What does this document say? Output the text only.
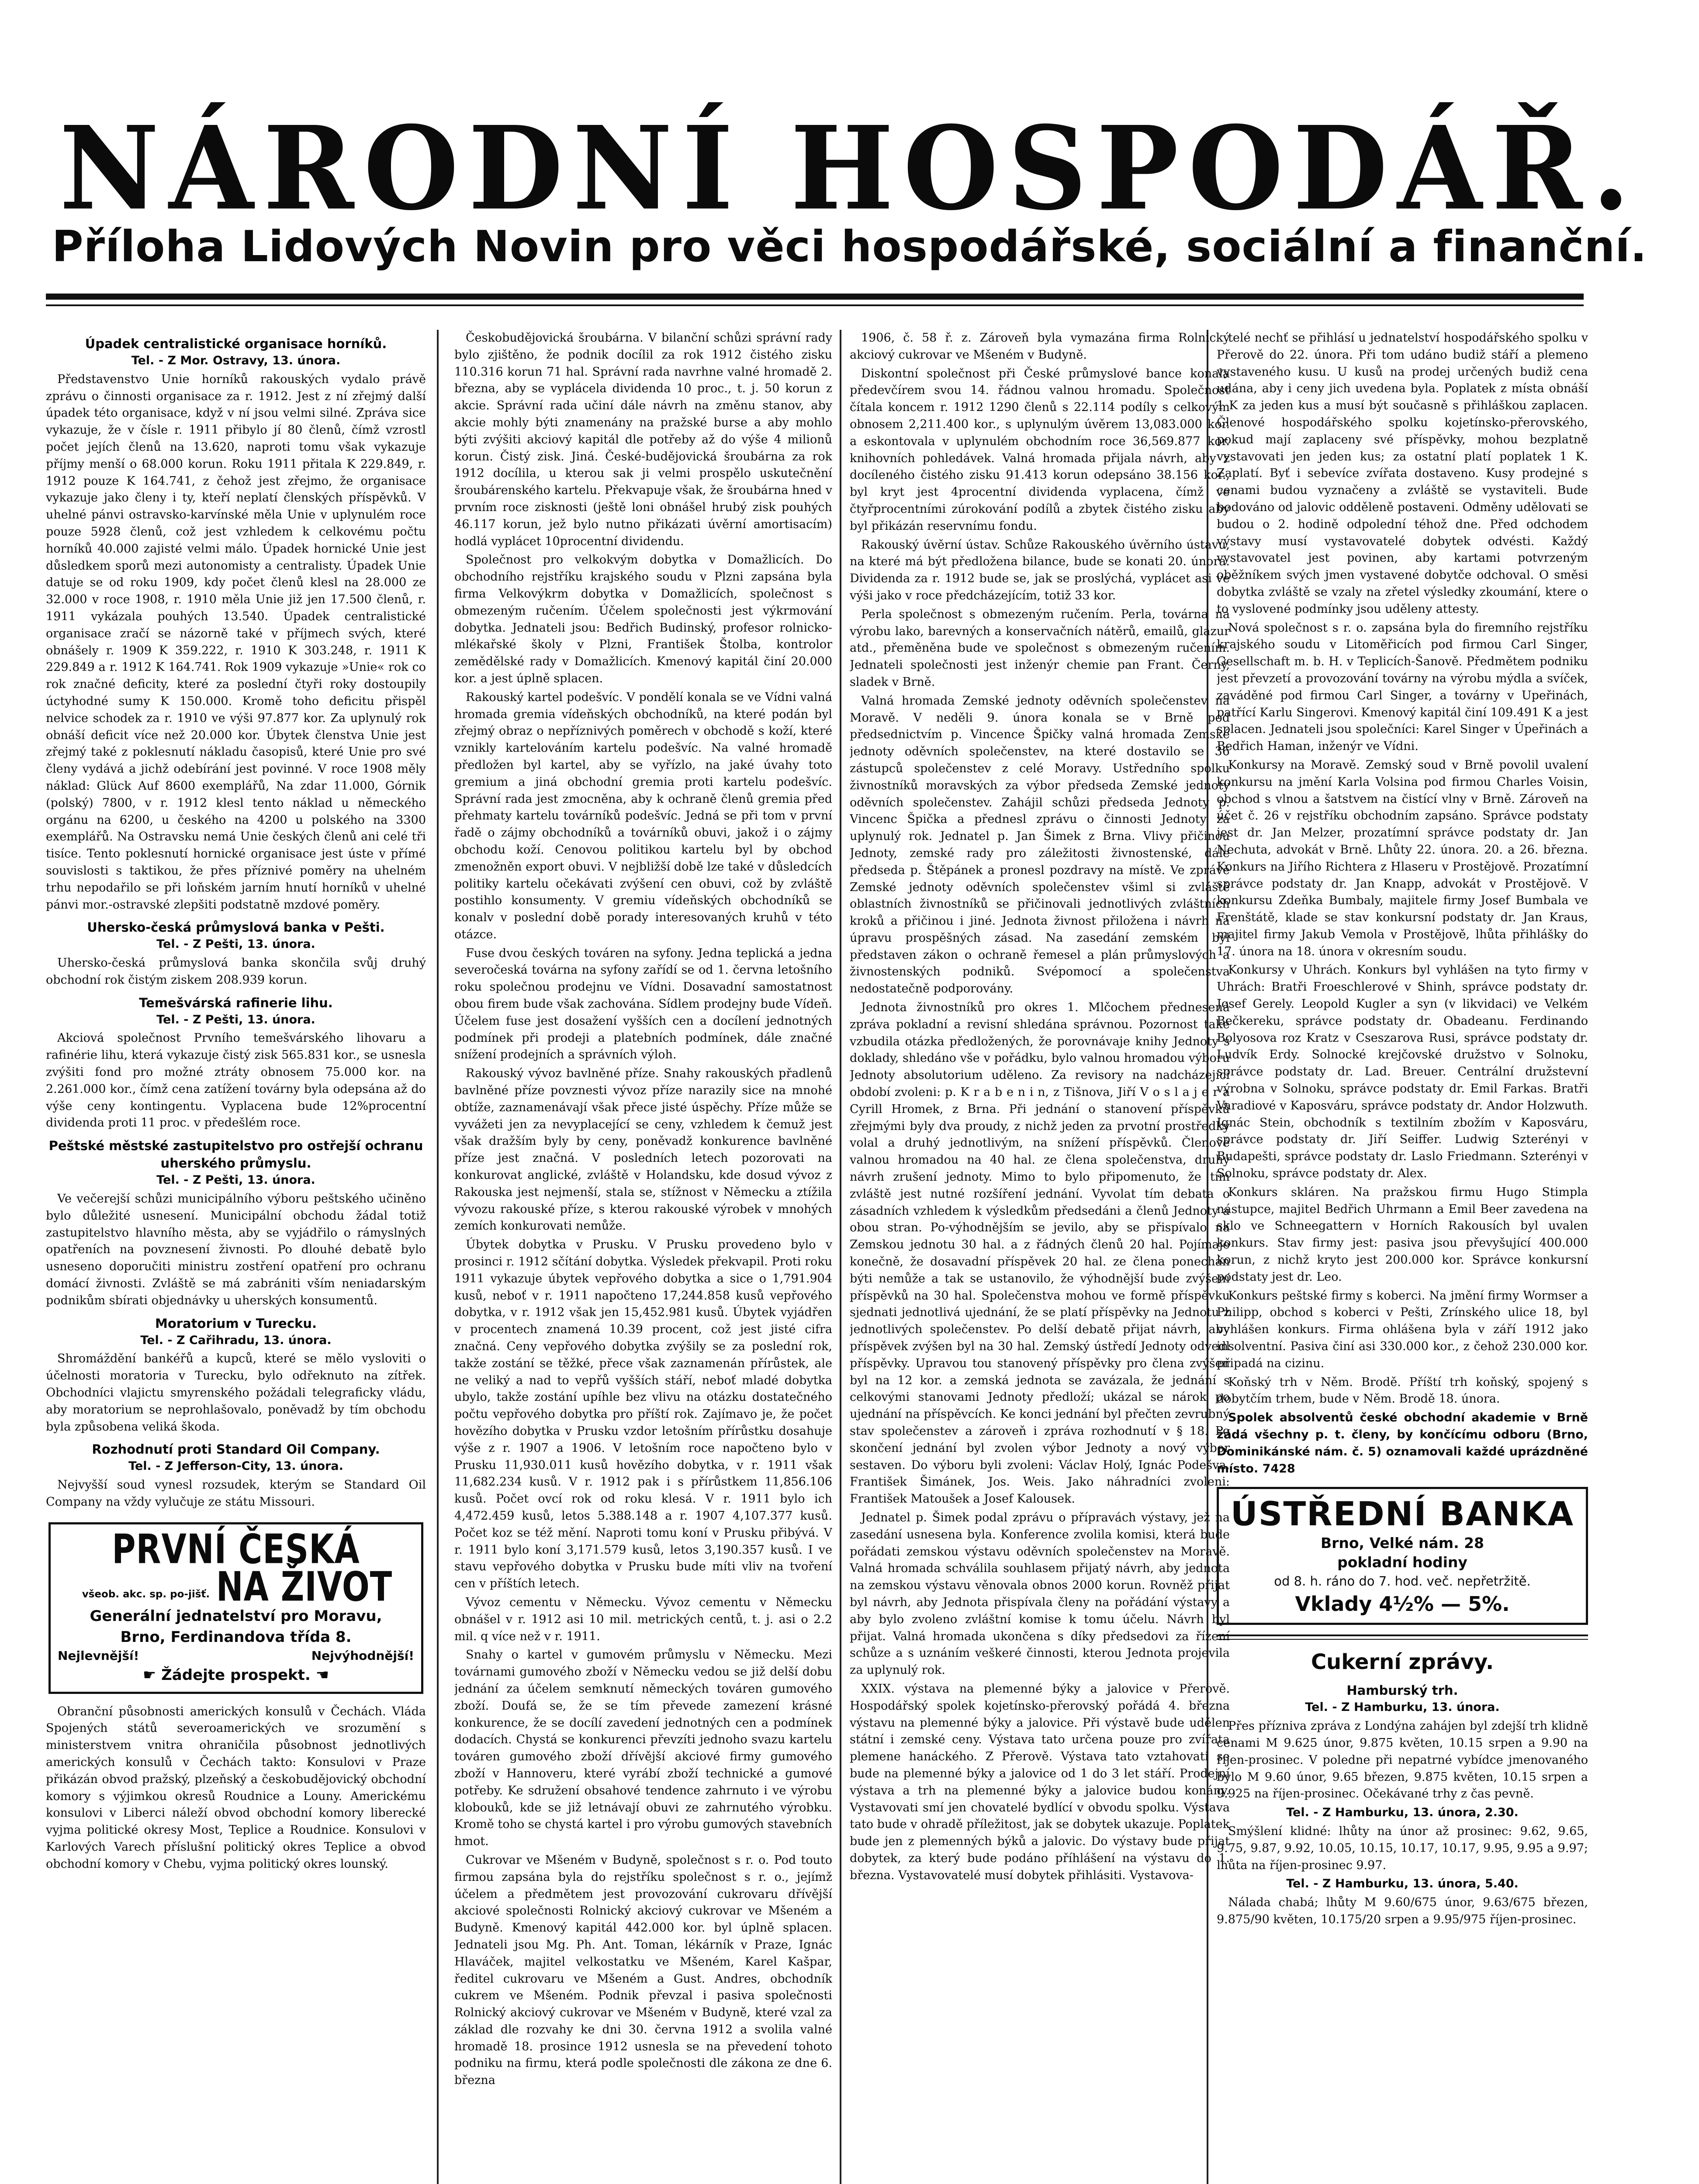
NÁRODNÍ HOSPODÁŘ.
Příloha Lidových Novin pro věci hospodářské, sociální a finanční.
Úpadek centralistické organisace horníků.
Tel. - Z Mor. Ostravy, 13. února.

Představenstvo Unie horníků rakouských vydalo právě zprávu o činnosti organisace za r. 1912. Jest z ní zřejmý další úpadek této organisace, když v ní jsou velmi silné. Zpráva sice vykazuje, že v čísle r. 1911 přibylo jí 80 členů, čímž vzrostl počet jejích členů na 13.620, naproti tomu však vykazuje příjmy menší o 68.000 korun. Roku 1911 přitala K 229.849, r. 1912 pouze K 164.741, z čehož jest zřejmo, že organisace vykazuje jako členy i ty, kteří neplatí členských příspěvků. V uhelné pánvi ostravsko-karvínské měla Unie v uplynulém roce pouze 5928 členů, což jest vzhledem k celkovému počtu horníků 40.000 zajisté velmi málo. Úpadek hornické Unie jest důsledkem sporů mezi autonomisty a centralisty. Úpadek Unie datuje se od roku 1909, kdy počet členů klesl na 28.000 ze 32.000 v roce 1908, r. 1910 měla Unie již jen 17.500 členů, r. 1911 vykázala pouhých 13.540. Úpadek centralistické organisace zračí se názorně také v příjmech svých, které obnášely r. 1909 K 359.222, r. 1910 K 303.248, r. 1911 K 229.849 a r. 1912 K 164.741. Rok 1909 vykazuje »Unie« rok co rok značné deficity, které za poslední čtyři roky dostoupily úctyhodné sumy K 150.000. Kromě toho deficitu přispěl nelvice schodek za r. 1910 ve výši 97.877 kor. Za uplynulý rok obnáší deficit více než 20.000 kor. Úbytek členstva Unie jest zřejmý také z poklesnutí nákladu časopisů, které Unie pro své členy vydává a jichž odebírání jest povinné. V roce 1908 měly náklad: Glück Auf 8600 exemplářů, Na zdar 11.000, Górnik (polský) 7800, v r. 1912 klesl tento náklad u německého orgánu na 6200, u českého na 4200 u polského na 3300 exemplářů. Na Ostravsku nemá Unie českých členů ani celé tři tisíce. Tento poklesnutí hornické organisace jest úste v přímé souvislosti s taktikou, že přes příznivé poměry na uhelném trhu nepodařilo se při loňském jarním hnutí horníků v uhelné pánvi mor.-ostravské zlepšiti podstatně mzdové poměry.

Uhersko-česká průmyslová banka v Pešti.
Tel. - Z Pešti, 13. února.

Uhersko-česká průmyslová banka skončila svůj druhý obchodní rok čistým ziskem 208.939 korun.

Temešvárská rafinerie lihu.
Tel. - Z Pešti, 13. února.

Akciová společnost Prvního temešvárského lihovaru a rafinérie lihu, která vykazuje čistý zisk 565.831 kor., se usnesla zvýšiti fond pro možné ztráty obnosem 75.000 kor. na 2.261.000 kor., čímž cena zatížení továrny byla odepsána až do výše ceny kontingentu. Vyplacena bude 12%procentní dividenda proti 11 proc. v předešlém roce.

Peštské městské zastupitelstvo pro ostřejší ochranu uherského průmyslu.
Tel. - Z Pešti, 13. února.

Ve večerejší schůzi municipálního výboru peštského učiněno bylo důležité usnesení. Municipální obchodu žádal totiž zastupitelstvo hlavního města, aby se vyjádřilo o rámyslných opatřeních na povznesení živnosti. Po dlouhé debatě bylo usneseno doporučiti ministru zostření opatření pro ochranu domácí živnosti. Zvláště se má zabrániti vším neniadarským podnikům sbírati objednávky u uherských konsumentů.

Moratorium v Turecku.
Tel. - Z Cařihradu, 13. února.

Shromáždění bankéřů a kupců, které se mělo vysloviti o účelnosti moratoria v Turecku, bylo odřeknuto na zítřek. Obchodníci vlajictu smyrenského požádali telegraficky vládu, aby moratorium se neprohlašovalo, poněvadž by tím obchodu byla způsobena veliká škoda.

Rozhodnutí proti Standard Oil Company.
Tel. - Z Jefferson-City, 13. února.

Nejvyšší soud vynesl rozsudek, kterým se Standard Oil Company na vždy vylučuje ze státu Missouri.

PRVNÍ ČESKÁ všeob. akc. sp. po-jišť. NA ŽIVOT
Generální jednatelství pro Moravu,
Brno, Ferdinandova třída 8.
Nejlevnější!	Nejvýhodnější!
☛ Žádejte prospekt. ☚

Obranční působnosti amerických konsulů v Čechách. Vláda Spojených států severoamerických ve srozumění s ministerstvem vnitra ohraničila působnost jednotlivých amerických konsulů v Čechách takto: Konsulovi v Praze přikázán obvod pražský, plzeňský a českobudějovický obchodní komory s výjimkou okresů Roudnice a Louny. Americkému konsulovi v Liberci náleží obvod obchodní komory liberecké vyjma politické okresy Most, Teplice a Roudnice. Konsulovi v Karlových Varech příslušní politický okres Teplice a obvod obchodní komory v Chebu, vyjma politický okres lounský.

Českobudějovická šroubárna. V bilanční schůzi správní rady bylo zjištěno, že podnik docílil za rok 1912 čistého zisku 110.316 korun 71 hal. Správní rada navrhne valné hromadě 2. března, aby se vyplácela dividenda 10 proc., t. j. 50 korun z akcie. Správní rada učiní dále návrh na změnu stanov, aby akcie mohly býti znamenány na pražské burse a aby mohlo býti zvýšiti akciový kapitál dle potřeby až do výše 4 milionů korun. Čistý zisk. Jiná. České-budějovická šroubárna za rok 1912 docílila, u kterou sak ji velmi prospělo uskutečnění šroubárenského kartelu. Překvapuje však, že šroubárna hned v prvním roce zisknosti (ještě loni obnášel hrubý zisk pouhých 46.117 korun, jež bylo nutno přikázati úvěrní amortisacím) hodlá vyplácet 10procentní dividendu.

Společnost pro velkokvým dobytka v Domažlicích. Do obchodního rejstříku krajského soudu v Plzni zapsána byla firma Velkovýkrm dobytka v Domažlicích, společnost s obmezeným ručením. Účelem společnosti jest výkrmování dobytka. Jednateli jsou: Bedřich Budinský, profesor rolnicko-mlékařské školy v Plzni, František Štolba, kontrolor zemědělské rady v Domažlicích. Kmenový kapitál činí 20.000 kor. a jest úplně splacen.

Rakouský kartel podešvíc. V pondělí konala se ve Vídni valná hromada gremia vídeňských obchodníků, na které podán byl zřejmý obraz o nepříznivých poměrech v obchodě s koží, které vznikly kartelováním kartelu podešvíc. Na valné hromadě předložen byl kartel, aby se vyřízlo, na jaké úvahy toto gremium a jiná obchodní gremia proti kartelu podešvíc. Správní rada jest zmocněna, aby k ochraně členů gremia před přehmaty kartelu továrníků podešvíc. Jedná se při tom v první řadě o zájmy obchodníků a továrníků obuvi, jakož i o zájmy obchodu koží. Cenovou politikou kartelu byl by obchod zmenožněn export obuvi. V nejbližší době lze také v důsledcích politiky kartelu očekávati zvýšení cen obuvi, což by zvláště postihlo konsumenty. V gremiu vídeňských obchodníků se konalv v poslední době porady interesovaných kruhů v této otázce.

Fuse dvou českých továren na syfony. Jedna teplická a jedna severočeská továrna na syfony zařídí se od 1. června letošního roku společnou prodejnu ve Vídni. Dosavadní samostatnost obou firem bude však zachována. Sídlem prodejny bude Vídeň. Účelem fuse jest dosažení vyšších cen a docílení jednotných podmínek při prodeji a platebních podmínek, dále značné snížení prodejních a správních výloh.

Rakouský vývoz bavlněné příze. Snahy rakouských přadlenů bavlněné příze povznesti vývoz příze narazily sice na mnohé obtíže, zaznamenávají však přece jisté úspěchy. Příze může se vyvážeti jen za nevyplacející se ceny, vzhledem k čemuž jest však dražším byly by ceny, poněvadž konkurence bavlněné příze jest značná. V posledních letech pozorovati na konkurovat anglické, zvláště v Holandsku, kde dosud vývoz z Rakouska jest nejmenší, stala se, stížnost v Německu a ztížila vývozu rakouské příze, s kterou rakouské výrobek v mnohých zemích konkurovati nemůže.

Úbytek dobytka v Prusku. V Prusku provedeno bylo v prosinci r. 1912 sčítání dobytka. Výsledek překvapil. Proti roku 1911 vykazuje úbytek vepřového dobytka a sice o 1,791.904 kusů, neboť v r. 1911 napočteno 17,244.858 kusů vepřového dobytka, v r. 1912 však jen 15,452.981 kusů. Úbytek vyjádřen v procentech znamená 10.39 procent, což jest jisté cifra značná. Ceny vepřového dobytka zvýšily se za poslední rok, takže zostání se těžké, přece však zaznamenán přírůstek, ale ne veliký a nad to vepřů vyšších stáří, neboť mladé dobytka ubylo, takže zostání upíhle bez vlivu na otázku dostatečného počtu vepřového dobytka pro příští rok. Zajímavo je, že počet hovězího dobytka v Prusku vzdor letošním přírůstku dosahuje výše z r. 1907 a 1906. V letošním roce napočteno bylo v Prusku 11,930.011 kusů hovězího dobytka, v r. 1911 však 11,682.234 kusů. V r. 1912 pak i s přírůstkem 11,856.106 kusů. Počet ovcí rok od roku klesá. V r. 1911 bylo ich 4,472.459 kusů, letos 5.388.148 a r. 1907 4,107.377 kusů. Počet koz se též mění. Naproti tomu koní v Prusku přibývá. V r. 1911 bylo koní 3,171.579 kusů, letos 3,190.357 kusů. I ve stavu vepřového dobytka v Prusku bude míti vliv na tvoření cen v příštích letech.

Vývoz cementu v Německu. Vývoz cementu v Německu obnášel v r. 1912 asi 10 mil. metrických centů, t. j. asi o 2.2 mil. q více než v r. 1911.

Snahy o kartel v gumovém průmyslu v Německu. Mezi továrnami gumového zboží v Německu vedou se již delší dobu jednání za účelem semknutí německých továren gumového zboží. Doufá se, že se tím převede zamezení krásné konkurence, že se docílí zavedení jednotných cen a podmínek dodacích. Chystá se konkurenci převzíti jednoho svazu kartelu továren gumového zboží dřívější akciové firmy gumového zboží v Hannoveru, které vyrábí zboží technické a gumové potřeby. Ke sdružení obsahové tendence zahrnuto i ve výrobu klobouků, kde se již letnávají obuvi ze zahrnutého výrobku. Kromě toho se chystá kartel i pro výrobu gumových stavebních hmot.

Cukrovar ve Mšeném v Budyně, společnost s r. o. Pod touto firmou zapsána byla do rejstříku společnost s r. o., jejímž účelem a předmětem jest provozování cukrovaru dřívější akciové společnosti Rolnický akciový cukrovar ve Mšeném a Budyně. Kmenový kapitál 442.000 kor. byl úplně splacen. Jednateli jsou Mg. Ph. Ant. Toman, lékárník v Praze, Ignác Hlaváček, majitel velkostatku ve Mšeném, Karel Kašpar, ředitel cukrovaru ve Mšeném a Gust. Andres, obchodník cukrem ve Mšeném. Podnik převzal i pasiva společnosti Rolnický akciový cukrovar ve Mšeném v Budyně, které vzal za základ dle rozvahy ke dni 30. června 1912 a svolila valné hromadě 18. prosince 1912 usnesla se na převedení tohoto podniku na firmu, která podle společnosti dle zákona ze dne 6. března

1906, č. 58 ř. z. Zároveň byla vymazána firma Rolnický akciový cukrovar ve Mšeném v Budyně.

Diskontní společnost při České průmyslové bance konala předevčírem svou 14. řádnou valnou hromadu. Společnost čítala koncem r. 1912 1290 členů s 22.114 podíly s celkovým obnosem 2,211.400 kor., s uplynulým úvěrem 13,083.000 kor. a eskontovala v uplynulém obchodním roce 36,569.877 kor. knihovních pohledávek. Valná hromada přijala návrh, aby z docíleného čistého zisku 91.413 korun odepsáno 38.156 kor., byl kryt jest 4procentní dividenda vyplacena, čímž ve čtyřprocentními zúrokování podílů a zbytek čistého zisku aby byl přikázán reservnímu fondu.

Rakouský úvěrní ústav. Schůze Rakouského úvěrního ústavu, na které má být předložena bilance, bude se konati 20. února. Dividenda za r. 1912 bude se, jak se proslýchá, vyplácet asi ve výši jako v roce předcházejícím, totiž 33 kor.

Perla společnost s obmezeným ručením. Perla, továrna na výrobu lako, barevných a konservačních nátěrů, emailů, glazur atd., přeměněna bude ve společnost s obmezeným ručením. Jednateli společnosti jest inženýr chemie pan Frant. Černý, sladek v Brně.

Valná hromada Zemské jednoty oděvních společenstev na Moravě. V neděli 9. února konala se v Brně pod předsednictvím p. Vincence Špičky valná hromada Zemské jednoty oděvních společenstev, na které dostavilo se 36 zástupců společenstev z celé Moravy. Ustředního spolku živnostníků moravských za výbor předseda Zemské jednoty oděvních společenstev. Zahájil schůzi předseda Jednoty p. Vincenc Špička a přednesl zprávu o činnosti Jednoty za uplynulý rok. Jednatel p. Jan Šimek z Brna. Vlivy přičinou Jednoty, zemské rady pro záležitosti živnostenské, dále předseda p. Štěpánek a pronesl pozdravy na místě. Ve zprávě Zemské jednoty oděvních společenstev všiml si zvláště oblastních živnostníků se přičinovali jednotlivých zvláštních kroků a přičinou i jiné. Jednota živnost přiložena i návrh na úpravu prospěšných zásad. Na zasedání zemském byl představen zákon o ochraně řemesel a plán průmyslových a živnostenských podniků. Svépomocí a společenstva nedostatečně podporovány.

Jednota živnostníků pro okres 1. Mlčochem přednesená zpráva pokladní a revisní shledána správnou. Pozornost také vzbudila otázka předložených, že porovnávaje knihy Jednoty s doklady, shledáno vše v pořádku, bylo valnou hromadou výboru Jednoty absolutorium uděleno. Za revisory na nadcházející období zvoleni: p. K r a b e n i n, z Tišnova, Jiří V o s l a j e r a Cyrill Hromek, z Brna. Při jednání o stanovení příspěvků zřejmými byly dva proudy, z nichž jeden za prvotní prostředky volal a druhý jednotlivým, na snížení příspěvků. Členové valnou hromadou na 40 hal. ze člena společenstva, druhý návrh zrušení jednoty. Mimo to bylo připomenuto, že tím zvláště jest nutné rozšíření jednání. Vyvolat tím debata o zásadních vzhledem k výsledkům předsedáni a členů Jednoty a obou stran. Po-výhodnějším se jevilo, aby se přispívalo na Zemskou jednotu 30 hal. a z řádných členů 20 hal. Pojímaje konečně, že dosavadní příspěvek 20 hal. ze člena ponechán býti nemůže a tak se ustanovilo, že výhodnější bude zvýšení příspěvků na 30 hal. Společenstva mohou ve formě příspěvku sjednati jednotlivá ujednání, že se platí příspěvky na Jednotu z jednotlivých společenstev. Po delší debatě přijat návrh, aby příspěvek zvýšen byl na 30 hal. Zemský ústředí Jednoty odvedl příspěvky. Upravou tou stanovený příspěvky pro člena zvýšen byl na 12 kor. a zemská jednota se zavázala, že jednání s celkovými stanovami Jednoty předloží; ukázal se nárok po ujednání na příspěvcích. Ke konci jednání byl přečten zevrubný stav společenstev a zároveň i zpráva rozhodnutí v § 18. Po skončení jednání byl zvolen výbor Jednoty a nový výbor sestaven. Do výboru byli zvoleni: Václav Holý, Ignác Podešva, František Šimánek, Jos. Weis. Jako náhradníci zvoleni: František Matoušek a Josef Kalousek.

Jednatel p. Šimek podal zprávu o přípravách výstavy, jež na zasedání usnesena byla. Konference zvolila komisi, která bude pořádati zemskou výstavu oděvních společenstev na Moravě. Valná hromada schválila souhlasem přijatý návrh, aby jednota na zemskou výstavu věnovala obnos 2000 korun. Rovněž přijat byl návrh, aby Jednota přispívala členy na pořádání výstavy a aby bylo zvoleno zvláštní komise k tomu účelu. Návrh byl přijat. Valná hromada ukončena s díky předsedovi za řízení schůze a s uznáním veškeré činnosti, kterou Jednota projevila za uplynulý rok.

XXIX. výstava na plemenné býky a jalovice v Přerově. Hospodářský spolek kojetínsko-přerovský pořádá 4. března výstavu na plemenné býky a jalovice. Při výstavě bude udělen státní i zemské ceny. Výstava tato určena pouze pro zvířata plemene hanáckého. Z Přerově. Výstava tato vztahovati se bude na plemenné býky a jalovice od 1 do 3 let stáří. Prodejní výstava a trh na plemenné býky a jalovice budou konány. Vystavovati smí jen chovatelé bydlící v obvodu spolku. Výstava tato bude v ohradě příležitost, jak se dobytek ukazuje. Poplatek bude jen z plemenných býků a jalovic. Do výstavy bude přijat dobytek, za který bude podáno příhlášení na výstavu do 1. března. Vystavovatelé musí dobytek přihlásiti. Vystavova-

telé nechť se přihlásí u jednatelství hospodářského spolku v Přerově do 22. února. Při tom udáno budiž stáří a plemeno vystaveného kusu. U kusů na prodej určených budiž cena udána, aby i ceny jich uvedena byla. Poplatek z místa obnáší 1 K za jeden kus a musí být současně s přihláškou zaplacen. Členové hospodářského spolku kojetínsko-přerovského, pokud mají zaplaceny své příspěvky, mohou bezplatně vystavovati jen jeden kus; za ostatní platí poplatek 1 K. Zaplatí. Byť i sebevíce zvířata dostaveno. Kusy prodejné s cenami budou vyznačeny a zvláště se vystaviteli. Bude bodováno od jalovic odděleně postaveni. Odměny udělovati se budou o 2. hodině odpolední téhož dne. Před odchodem výstavy musí vystavovatelé dobytek odvésti. Každý vystavovatel jest povinen, aby kartami potvrzeným oběžníkem svých jmen vystavené dobytče odchoval. O směsi dobytka zvláště se vzaly na zřetel výsledky zkoumání, ktere o to vyslovené podmínky jsou uděleny attesty.

Nová společnost s r. o. zapsána byla do firemního rejstříku krajského soudu v Litoměřicích pod firmou Carl Singer, Gesellschaft m. b. H. v Teplicích-Šanově. Předmětem podniku jest převzetí a provozování továrny na výrobu mýdla a svíček, zaváděné pod firmou Carl Singer, a továrny v Upeřinách, patřící Karlu Singerovi. Kmenový kapitál činí 109.491 K a jest splacen. Jednateli jsou společníci: Karel Singer v Úpeřinách a Bedřich Haman, inženýr ve Vídni.

Konkursy na Moravě. Zemský soud v Brně povolil uvalení konkursu na jmění Karla Volsina pod firmou Charles Voisin, obchod s vlnou a šatstvem na čistící vlny v Brně. Zároveň na účet č. 26 v rejstříku obchodním zapsáno. Správce podstaty jest dr. Jan Melzer, prozatímní správce podstaty dr. Jan Nechuta, advokát v Brně. Lhůty 22. února. 20. a 26. března. Konkurs na Jiřího Richtera z Hlaseru v Prostějově. Prozatímní správce podstaty dr. Jan Knapp, advokát v Prostějově. V konkursu Zdeňka Bumbaly, majitele firmy Josef Bumbala ve Frenštátě, klade se stav konkursní podstaty dr. Jan Kraus, majitel firmy Jakub Vemola v Prostějově, lhůta přihlášky do 17. února na 18. února v okresním soudu.

Konkursy v Uhrách. Konkurs byl vyhlášen na tyto firmy v Uhrách: Bratři Froeschlerové v Shinh, správce podstaty dr. Josef Gerely. Leopold Kugler a syn (v likvidaci) ve Velkém Bečkereku, správce podstaty dr. Obadeanu. Ferdinando Bolyosova roz Kratz v Cseszarova Rusi, správce podstaty dr. Ludvík Erdy. Solnocké krejčovské družstvo v Solnoku, správce podstaty dr. Lad. Breuer. Centrální družstevní výrobna v Solnoku, správce podstaty dr. Emil Farkas. Bratři Varadiové v Kaposváru, správce podstaty dr. Andor Holzwuth. Ignác Stein, obchodník s textilním zbožím v Kaposváru, správce podstaty dr. Jiří Seiffer. Ludwig Szterényi v Budapešti, správce podstaty dr. Laslo Friedmann. Szterényi v Solnoku, správce podstaty dr. Alex.

Konkurs skláren. Na pražskou firmu Hugo Stimpla nástupce, majitel Bedřich Uhrmann a Emil Beer zavedena na sklo ve Schneegattern v Horních Rakousích byl uvalen konkurs. Stav firmy jest: pasiva jsou převyšující 400.000 korun, z nichž kryto jest 200.000 kor. Správce konkursní podstaty jest dr. Leo.

Konkurs peštské firmy s koberci. Na jmění firmy Wormser a Philipp, obchod s koberci v Pešti, Zrínského ulice 18, byl vyhlášen konkurs. Firma ohlášena byla v září 1912 jako insolventní. Pasiva činí asi 330.000 kor., z čehož 230.000 kor. připadá na cizinu.

Koňský trh v Něm. Brodě. Příští trh koňský, spojený s dobytčím trhem, bude v Něm. Brodě 18. února.

Spolek absolventů české obchodní akademie v Brně žádá všechny p. t. členy, by končícímu odboru (Brno, Dominikánské nám. č. 5) oznamovali každé uprázdněné místo. 7428

ÚSTŘEDNÍ BANKA
Brno, Velké nám. 28
pokladní hodiny
od 8. h. ráno do 7. hod. več. nepřetržitě.
Vklady 4½% — 5%.
Cukerní zprávy.
Hamburský trh.
Tel. - Z Hamburku, 13. února.

Přes přízniva zpráva z Londýna zahájen byl zdejší trh klidně cenami M 9.625 únor, 9.875 květen, 10.15 srpen a 9.90 na říjen-prosinec. V poledne při nepatrné vybídce jmenovaného bylo M 9.60 únor, 9.65 březen, 9.875 květen, 10.15 srpen a 9.925 na říjen-prosinec. Očekávané trhy z čas pevně.

Tel. - Z Hamburku, 13. února, 2.30.

Smýšlení klidné: lhůty na únor až prosinec: 9.62, 9.65, 9.75, 9.87, 9.92, 10.05, 10.15, 10.17, 10.17, 9.95, 9.95 a 9.97; lhůta na říjen-prosinec 9.97.

Tel. - Z Hamburku, 13. února, 5.40.

Nálada chabá; lhůty M 9.60/675 únor, 9.63/675 březen, 9.875/90 květen, 10.175/20 srpen a 9.95/975 říjen-prosinec.
